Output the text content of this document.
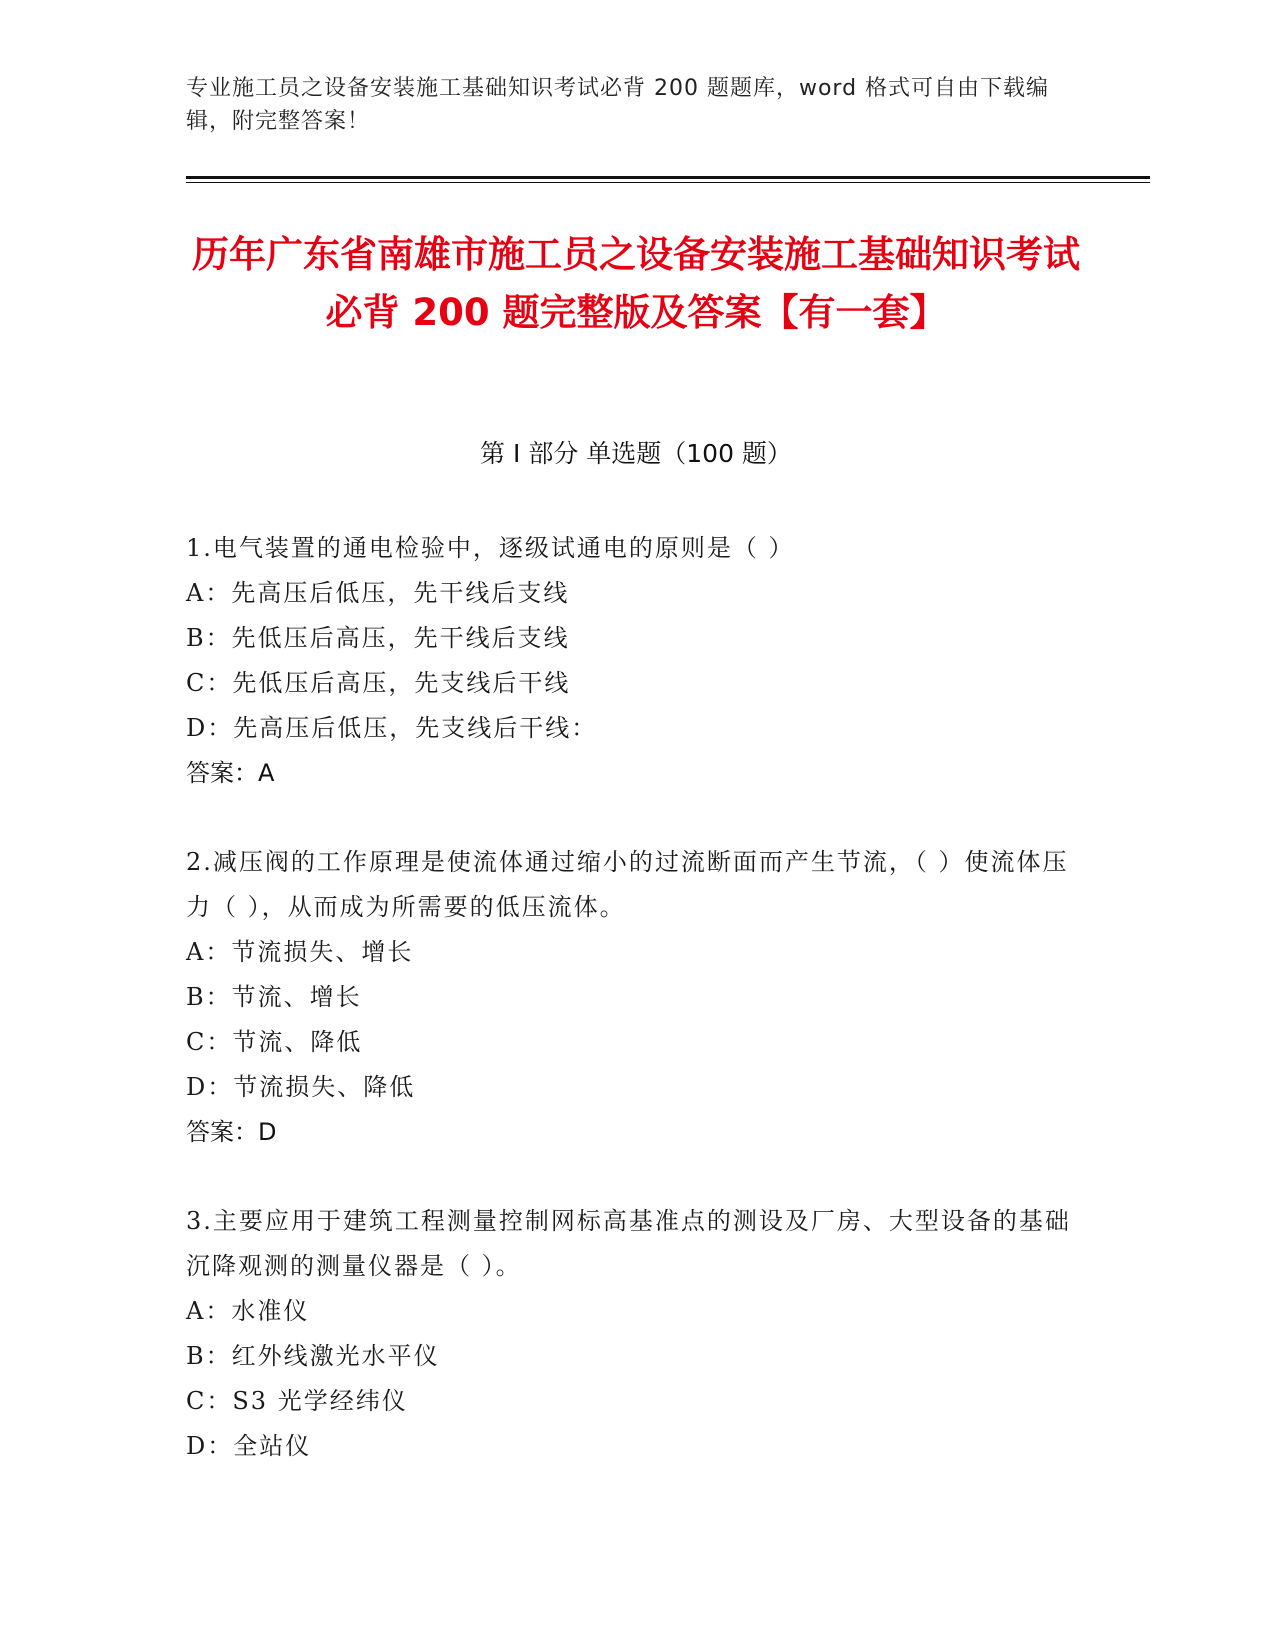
专业施工员之设备安装施工基础知识考试必背 200 题题库，word 格式可自由下载编辑，附完整答案！
历年广东省南雄市施工员之设备安装施工基础知识考试必背 200 题完整版及答案【有一套】
第 I 部分 单选题（100 题）
1.电气装置的通电检验中，逐级试通电的原则是（ ）
A：先高压后低压，先干线后支线
B：先低压后高压，先干线后支线
C：先低压后高压，先支线后干线
D：先高压后低压，先支线后干线：
答案：A
2.减压阀的工作原理是使流体通过缩小的过流断面而产生节流，（ ）使流体压力（ ），从而成为所需要的低压流体。
A：节流损失、增长
B：节流、增长
C：节流、降低
D：节流损失、降低
答案：D
3.主要应用于建筑工程测量控制网标高基准点的测设及厂房、大型设备的基础沉降观测的测量仪器是（ ）。
A：水准仪
B：红外线激光水平仪
C：S3 光学经纬仪
D：全站仪
